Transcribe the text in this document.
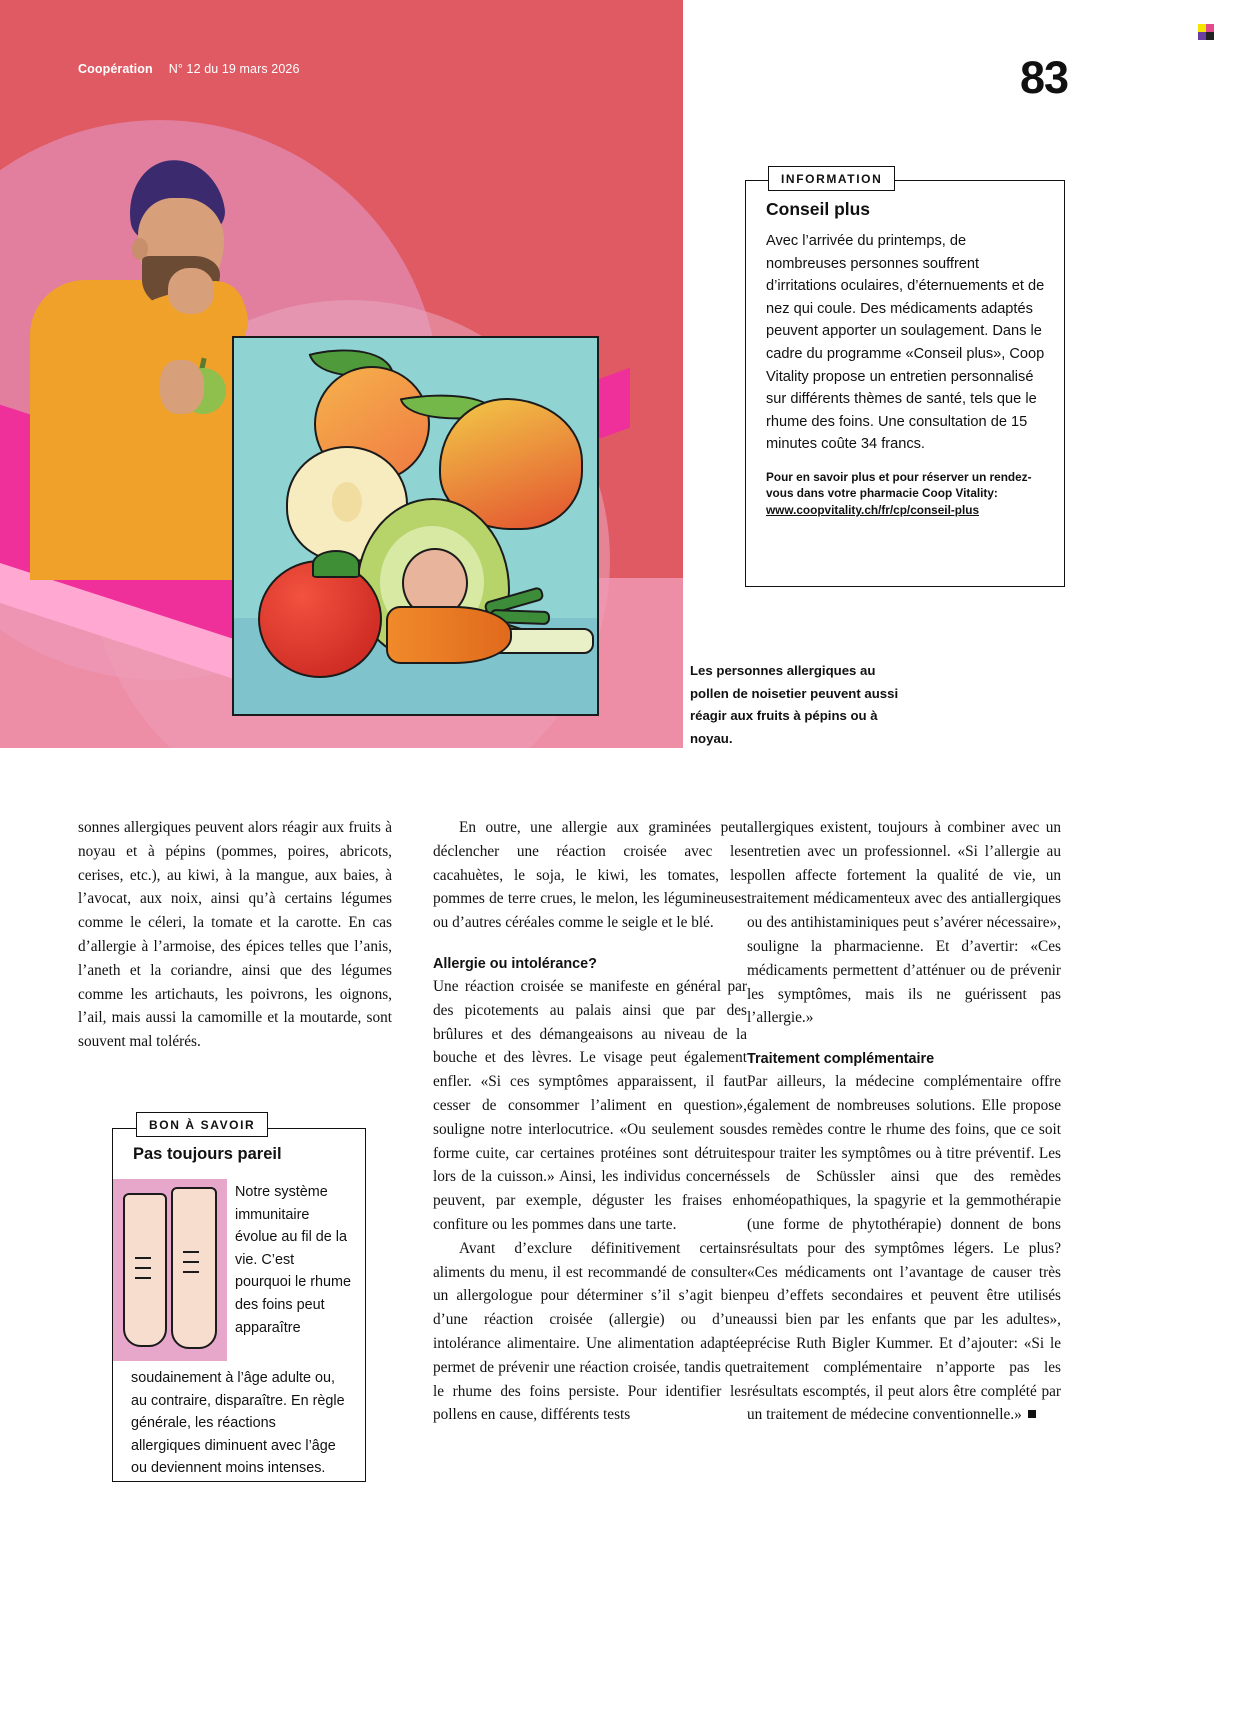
Coopération N° 12 du 19 mars 2026	83
Conseil plus

Avec l’arrivée du printemps, de nombreuses personnes souffrent d’irritations oculaires, d’éternuements et de nez qui coule. Des médicaments adaptés peuvent apporter un soulagement. Dans le cadre du programme «Conseil plus», Coop Vitality propose un entretien personnalisé sur différents thèmes de santé, tels que le rhume des foins. Une consultation de 15 minutes coûte 34 francs.

Pour en savoir plus et pour réserver un rendez-vous dans votre pharmacie Coop Vitality:
www.coopvitality.ch/fr/cp/conseil-plus
INFORMATION
Les personnes allergiques au pollen de noisetier peuvent aussi réagir aux fruits à pépins ou à noyau.

sonnes allergiques peuvent alors réagir aux fruits à noyau et à pépins (pommes, poires, abricots, cerises, etc.), au kiwi, à la mangue, aux baies, à l’avocat, aux noix, ainsi qu’à certains légumes comme le céleri, la tomate et la carotte. En cas d’allergie à l’armoise, des épices telles que l’anis, l’aneth et la coriandre, ainsi que des légumes comme les artichauts, les poivrons, les oignons, l’ail, mais aussi la camomille et la moutarde, sont souvent mal tolérés.

En outre, une allergie aux graminées peut déclencher une réaction croisée avec les cacahuètes, le soja, le kiwi, les tomates, les pommes de terre crues, le melon, les légumineuses ou d’autres céréales comme le seigle et le blé.

Allergie ou intolérance?

Une réaction croisée se manifeste en général par des picotements au palais ainsi que par des brûlures et des démangeaisons au niveau de la bouche et des lèvres. Le visage peut également enfler. «Si ces symptômes apparaissent, il faut cesser de consommer l’aliment en question», souligne notre interlocutrice. «Ou seulement sous forme cuite, car certaines protéines sont détruites lors de la cuisson.» Ainsi, les individus concernés peuvent, par exemple, déguster les fraises en confiture ou les pommes dans une tarte.

Avant d’exclure définitivement certains aliments du menu, il est recommandé de consulter un allergologue pour déterminer s’il s’agit bien d’une réaction croisée (allergie) ou d’une intolérance alimentaire. Une alimentation adaptée permet de prévenir une réaction croisée, tandis que le rhume des foins persiste. Pour identifier les pollens en cause, différents tests

allergiques existent, toujours à combiner avec un entretien avec un professionnel. «Si l’allergie au pollen affecte fortement la qualité de vie, un traitement médicamenteux avec des antiallergiques ou des antihistaminiques peut s’avérer nécessaire», souligne la pharmacienne. Et d’avertir: «Ces médicaments permettent d’atténuer ou de prévenir les symptômes, mais ils ne guérissent pas l’allergie.»

Traitement complémentaire

Par ailleurs, la médecine complémentaire offre également de nombreuses solutions. Elle propose des remèdes contre le rhume des foins, que ce soit pour traiter les symptômes ou à titre préventif. Les sels de Schüssler ainsi que des remèdes homéopathiques, la spagyrie et la gemmothérapie (une forme de phytothérapie) donnent de bons résultats pour des symptômes légers. Le plus? «Ces médicaments ont l’avantage de causer très peu d’effets secondaires et peuvent être utilisés aussi bien par les enfants que par les adultes», précise Ruth Bigler Kummer. Et d’ajouter: «Si le traitement complémentaire n’apporte pas les résultats escomptés, il peut alors être complété par un traitement de médecine conventionnelle.»

Pas toujours pareil
Notre système immunitaire évolue au fil de la vie. C’est pourquoi le rhume des foins peut apparaître
soudainement à l’âge adulte ou, au contraire, disparaître. En règle générale, les réactions allergiques diminuent avec l’âge ou deviennent moins intenses.
BON À SAVOIR
